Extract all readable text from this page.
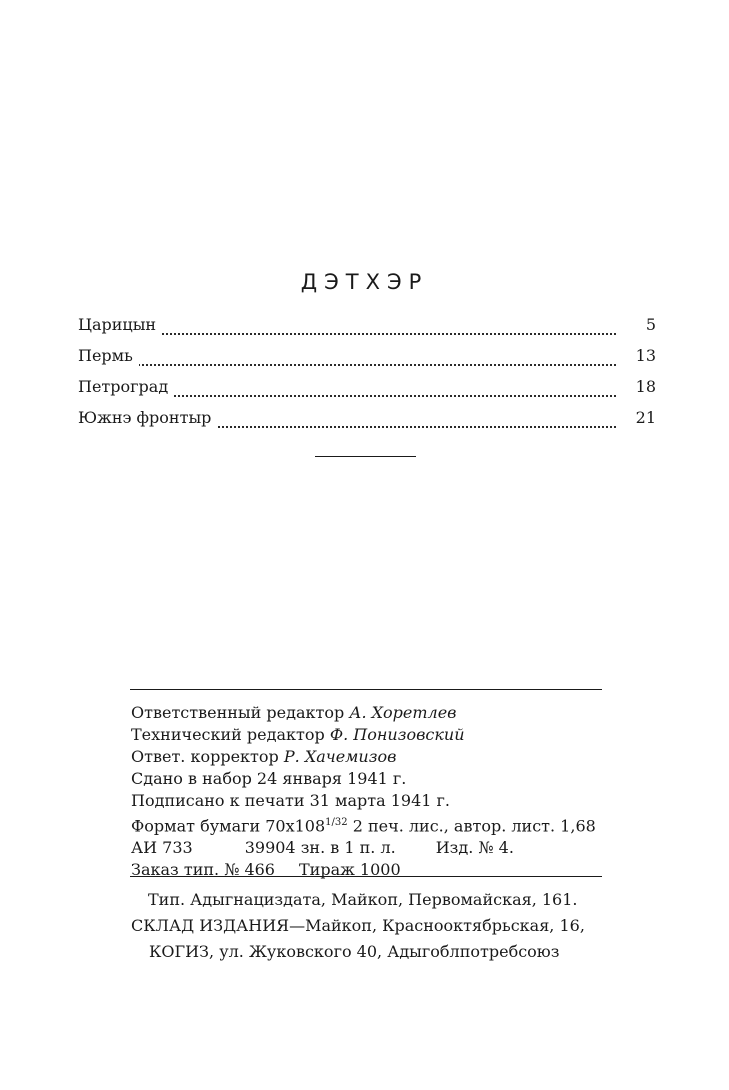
ДЭТХЭР
Царицын	5
Пермь	13
Петроград	18
Южнэ фронтыр	21
Ответственный редактор А. Хоретлев
Технический редактор Ф. Понизовский
Ответ. корректор Р. Хачемизов
Сдано в набор 24 января 1941 г.
Подписано к печати 31 марта 1941 г.
Формат бумаги $70x108^{1/32}$ 2 печ. лис., автор. лист. 1,68
АИ 733	39904 зн. в 1 п. л.	Изд. № 4.
Заказ тип. № 466 Тираж 1000
Тип. Адыгнациздата, Майкоп, Первомайская, 161.
СКЛАД ИЗДАНИЯ—Майкоп, Краснооктябрьская, 16,
КОГИЗ, ул. Жуковского 40, Адыгоблпотребсоюз
